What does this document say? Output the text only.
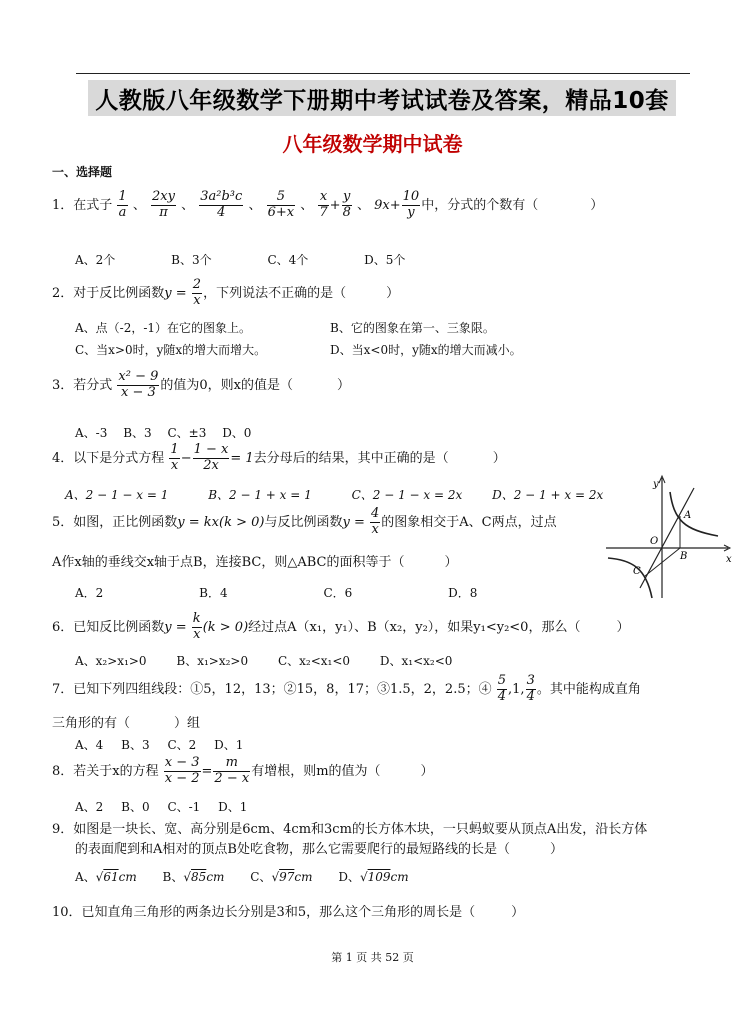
人教版八年级数学下册期中考试试卷及答案，精品10套
八年级数学期中试卷
一、选择题
1．在式子 $\frac{1}{a}$ 、 $\frac{2xy}{\pi}$ 、 $\frac{\text{3a²b³c}}{4}$ 、 $\frac{5}{6+x}$ 、 $\frac{x}{7} + \frac{y}{8}$ 、 $9x+ \frac{10}{y}$ 中，分式的个数有（	）
A、2个	B、3个	C、4个	D、5个
2．对于反比例函数$y = \frac{2}{x}$ ，下列说法不正确的是（	）
A、点（-2，-1）在它的图象上。	B、它的图象在第一、三象限。
C、当x>0时，y随x的增大而增大。	D、当x<0时，y随x的增大而减小。
3．若分式 $\frac{\text{x² − 9}}{x - 3}$ 的值为0，则x的值是（	）
A、-3 B、3 C、±3 D、0
4．以下是分式方程 $\frac{1}{x} - \frac{1 - x}{2x} = 1$去分母后的结果，其中正确的是（	）
A、2 − 1 − x = 1	B、2 − 1 + x = 1	C、2 − 1 − x = 2x D、2 − 1 + x = 2x
5．如图，正比例函数y = kx(k > 0)与反比例函数$y = \frac{4}{x}$ 的图象相交于A、C两点，过点
A作x轴的垂线交x轴于点B，连接BC，则△ABC的面积等于（	）
A．2	B．4	C．6	D．8
y
x
O
A
B
C
6．已知反比例函数$y = \frac{k}{x} (k > 0)$经过点A（x₁，y₁）、B（x₂，y₂），如果y₁<y₂<0，那么（	）
A、x₂>x₁>0 B、x₁>x₂>0 C、x₂<x₁<0 D、x₁<x₂<0
7．已知下列四组线段：①5，12，13；②15，8，17；③1.5，2，2.5；④ $\frac{5}{4} ,1$, $\frac{3}{4}$ 。其中能构成直角
三角形的有（	）组
A、4 B、3 C、2 D、1
8．若关于x的方程 $\frac{x - 3}{x - 2} = \frac{m}{2 - x}$ 有增根，则m的值为（	）
A、2 B、0 C、-1 D、1
9．如图是一块长、宽、高分别是6cm、4cm和3cm的长方体木块，一只蚂蚁要从顶点A出发，沿长方体
的表面爬到和A相对的顶点B处吃食物，那么它需要爬行的最短路线的长是（	）
A、√61cm B、√85cm C、√97cm D、√109cm
10．已知直角三角形的两条边长分别是3和5，那么这个三角形的周长是（	）
第 1 页 共 52 页
